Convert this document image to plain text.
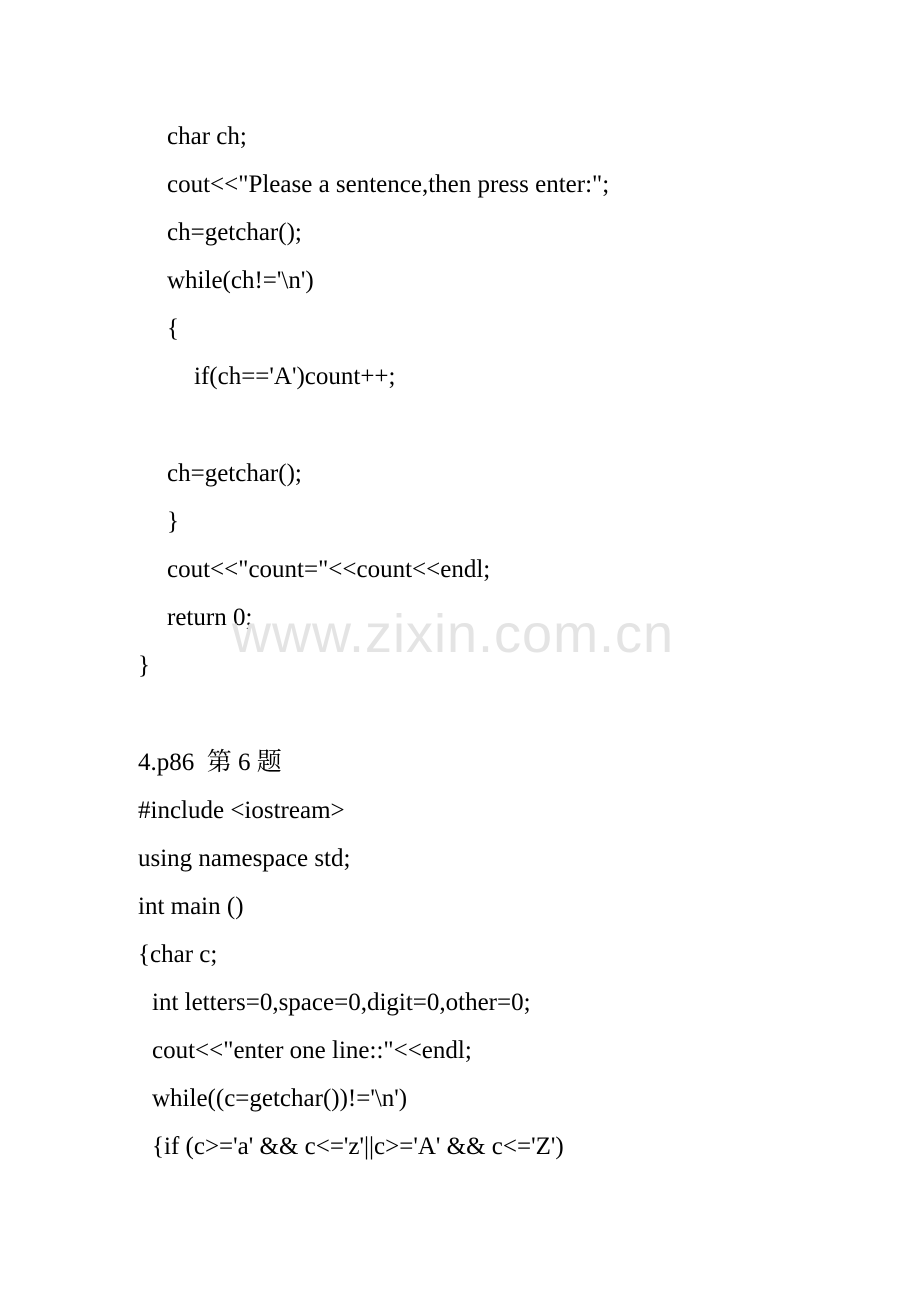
char ch;
cout<<"Please a sentence,then press enter:";
ch=getchar();
while(ch!='\n')
{
if(ch=='A')count++;
ch=getchar();
}
cout<<"count="<<count<<endl;
return 0;
}
4.p86  第 6 题
#include <iostream>
using namespace std;
int main ()
{char c;
int letters=0,space=0,digit=0,other=0;
cout<<"enter one line::"<<endl;
while((c=getchar())!='\n')
{if (c>='a' && c<='z'||c>='A' && c<='Z')
www.zixin.com.cn
